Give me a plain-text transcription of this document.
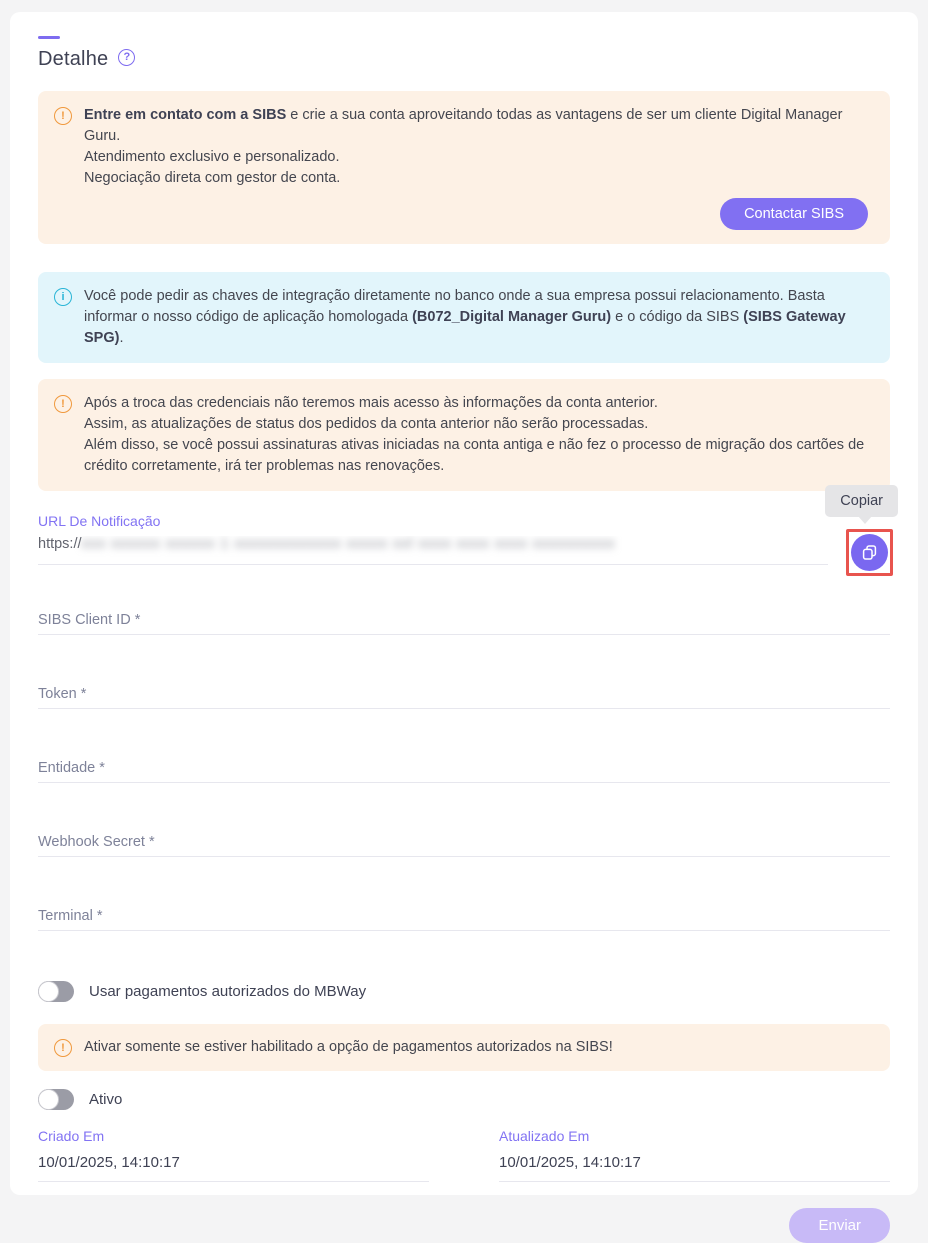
Detalhe	?
!	Entre em contato com a SIBS e crie a sua conta aproveitando todas as vantagens de ser um cliente Digital Manager Guru.
Atendimento exclusivo e personalizado.
Negociação direta com gestor de conta.
Contactar SIBS
i	Você pode pedir as chaves de integração diretamente no banco onde a sua empresa possui relacionamento. Basta informar o nosso código de aplicação homologada (B072_Digital Manager Guru) e o código da SIBS (SIBS Gateway SPG).
!	Após a troca das credenciais não teremos mais acesso às informações da conta anterior.
Assim, as atualizações de status dos pedidos da conta anterior não serão processadas.
Além disso, se você possui assinaturas ativas iniciadas na conta antiga e não fez o processo de migração dos cartões de crédito corretamente, irá ter problemas nas renovações.
URL De Notificação
https://xxx xxxxxx xxxxxx 1 xxxxxxxxxxxxx xxxxx xxl xxxx xxxx xxxx xxxxxxxxxx
Copiar
SIBS Client ID *
Token *
Entidade *
Webhook Secret *
Terminal *
Usar pagamentos autorizados do MBWay
!	Ativar somente se estiver habilitado a opção de pagamentos autorizados na SIBS!
Ativo
Criado Em
10/01/2025, 14:10:17
Atualizado Em
10/01/2025, 14:10:17
Enviar
